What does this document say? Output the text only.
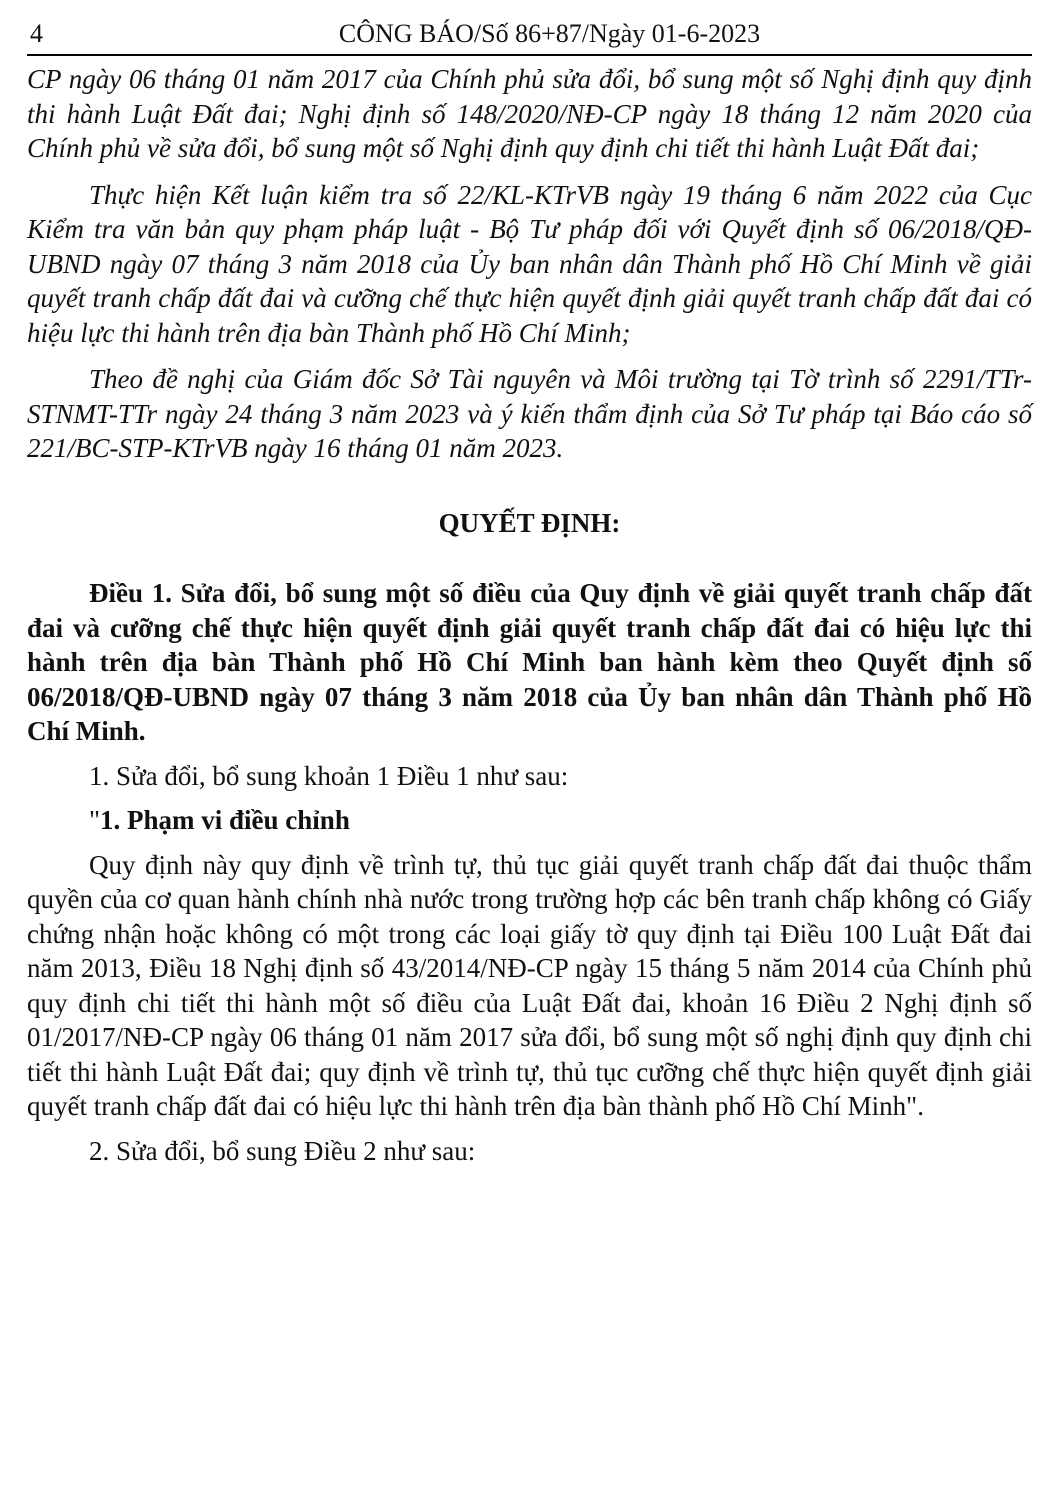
4	CÔNG BÁO/Số 86+87/Ngày 01-6-2023

CP ngày 06 tháng 01 năm 2017 của Chính phủ sửa đổi, bổ sung một số Nghị định quy định thi hành Luật Đất đai; Nghị định số 148/2020/NĐ-CP ngày 18 tháng 12 năm 2020 của Chính phủ về sửa đổi, bổ sung một số Nghị định quy định chi tiết thi hành Luật Đất đai;

Thực hiện Kết luận kiểm tra số 22/KL-KTrVB ngày 19 tháng 6 năm 2022 của Cục Kiểm tra văn bản quy phạm pháp luật - Bộ Tư pháp đối với Quyết định số 06/2018/QĐ-UBND ngày 07 tháng 3 năm 2018 của Ủy ban nhân dân Thành phố Hồ Chí Minh về giải quyết tranh chấp đất đai và cưỡng chế thực hiện quyết định giải quyết tranh chấp đất đai có hiệu lực thi hành trên địa bàn Thành phố Hồ Chí Minh;

Theo đề nghị của Giám đốc Sở Tài nguyên và Môi trường tại Tờ trình số 2291/TTr-STNMT-TTr ngày 24 tháng 3 năm 2023 và ý kiến thẩm định của Sở Tư pháp tại Báo cáo số 221/BC-STP-KTrVB ngày 16 tháng 01 năm 2023.

QUYẾT ĐỊNH:

Điều 1. Sửa đổi, bổ sung một số điều của Quy định về giải quyết tranh chấp đất đai và cưỡng chế thực hiện quyết định giải quyết tranh chấp đất đai có hiệu lực thi hành trên địa bàn Thành phố Hồ Chí Minh ban hành kèm theo Quyết định số 06/2018/QĐ-UBND ngày 07 tháng 3 năm 2018 của Ủy ban nhân dân Thành phố Hồ Chí Minh.

1. Sửa đổi, bổ sung khoản 1 Điều 1 như sau:

"1. Phạm vi điều chỉnh

Quy định này quy định về trình tự, thủ tục giải quyết tranh chấp đất đai thuộc thẩm quyền của cơ quan hành chính nhà nước trong trường hợp các bên tranh chấp không có Giấy chứng nhận hoặc không có một trong các loại giấy tờ quy định tại Điều 100 Luật Đất đai năm 2013, Điều 18 Nghị định số 43/2014/NĐ-CP ngày 15 tháng 5 năm 2014 của Chính phủ quy định chi tiết thi hành một số điều của Luật Đất đai, khoản 16 Điều 2 Nghị định số 01/2017/NĐ-CP ngày 06 tháng 01 năm 2017 sửa đổi, bổ sung một số nghị định quy định chi tiết thi hành Luật Đất đai; quy định về trình tự, thủ tục cưỡng chế thực hiện quyết định giải quyết tranh chấp đất đai có hiệu lực thi hành trên địa bàn thành phố Hồ Chí Minh".

2. Sửa đổi, bổ sung Điều 2 như sau:
